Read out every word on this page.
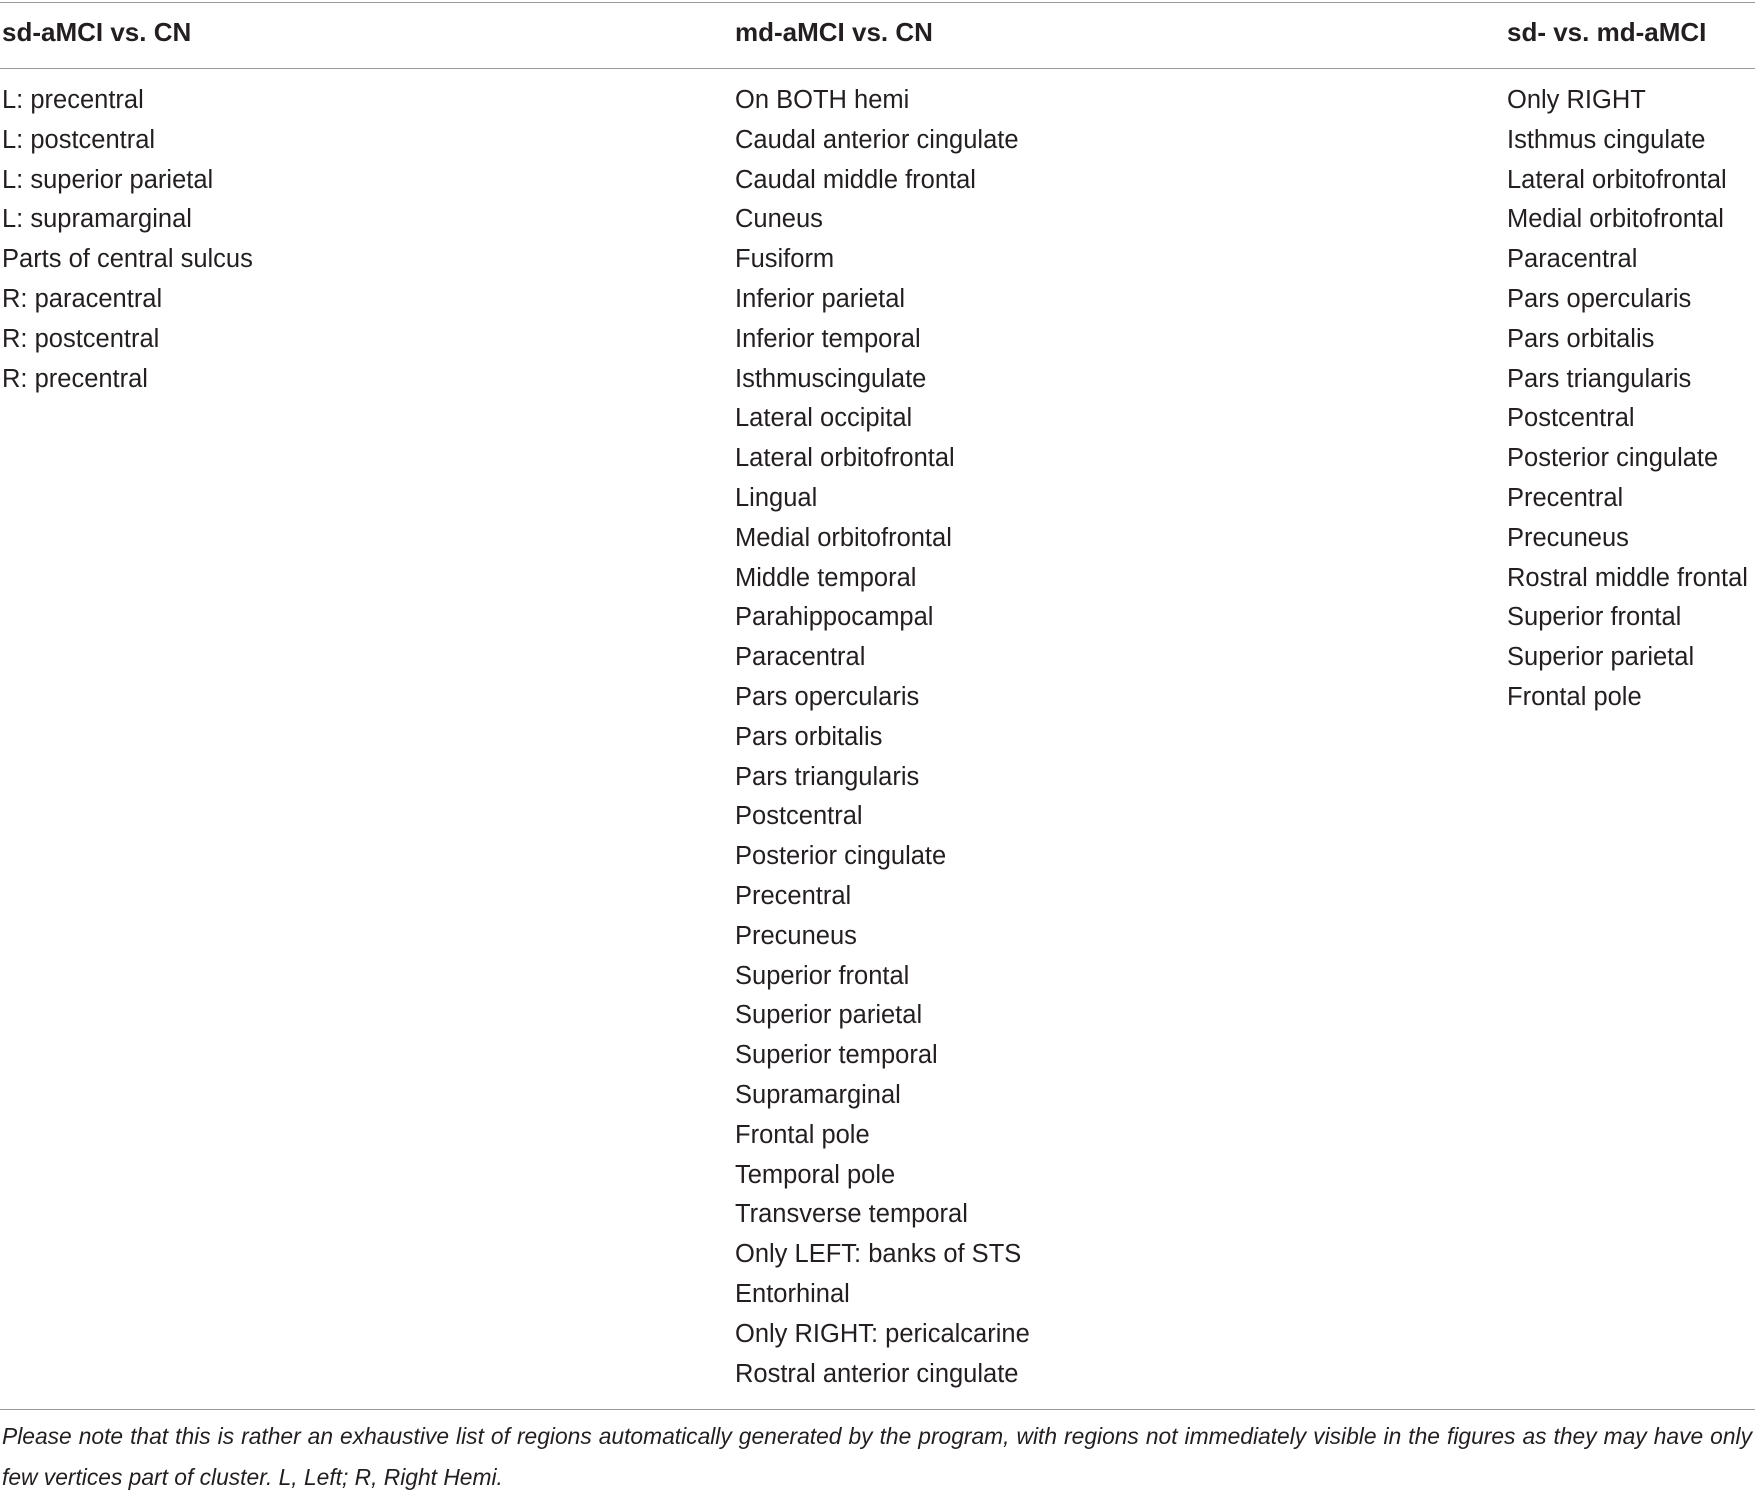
sd-aMCI vs. CN	md-aMCI vs. CN	sd- vs. md-aMCI
L: precentral
L: postcentral
L: superior parietal
L: supramarginal
Parts of central sulcus
R: paracentral
R: postcentral
R: precentral
On BOTH hemi
Caudal anterior cingulate
Caudal middle frontal
Cuneus
Fusiform
Inferior parietal
Inferior temporal
Isthmuscingulate
Lateral occipital
Lateral orbitofrontal
Lingual
Medial orbitofrontal
Middle temporal
Parahippocampal
Paracentral
Pars opercularis
Pars orbitalis
Pars triangularis
Postcentral
Posterior cingulate
Precentral
Precuneus
Superior frontal
Superior parietal
Superior temporal
Supramarginal
Frontal pole
Temporal pole
Transverse temporal
Only LEFT: banks of STS
Entorhinal
Only RIGHT: pericalcarine
Rostral anterior cingulate
Only RIGHT
Isthmus cingulate
Lateral orbitofrontal
Medial orbitofrontal
Paracentral
Pars opercularis
Pars orbitalis
Pars triangularis
Postcentral
Posterior cingulate
Precentral
Precuneus
Rostral middle frontal
Superior frontal
Superior parietal
Frontal pole
Please note that this is rather an exhaustive list of regions automatically generated by the program, with regions not immediately visible in the figures as they may have only few vertices part of cluster. L, Left; R, Right Hemi.
